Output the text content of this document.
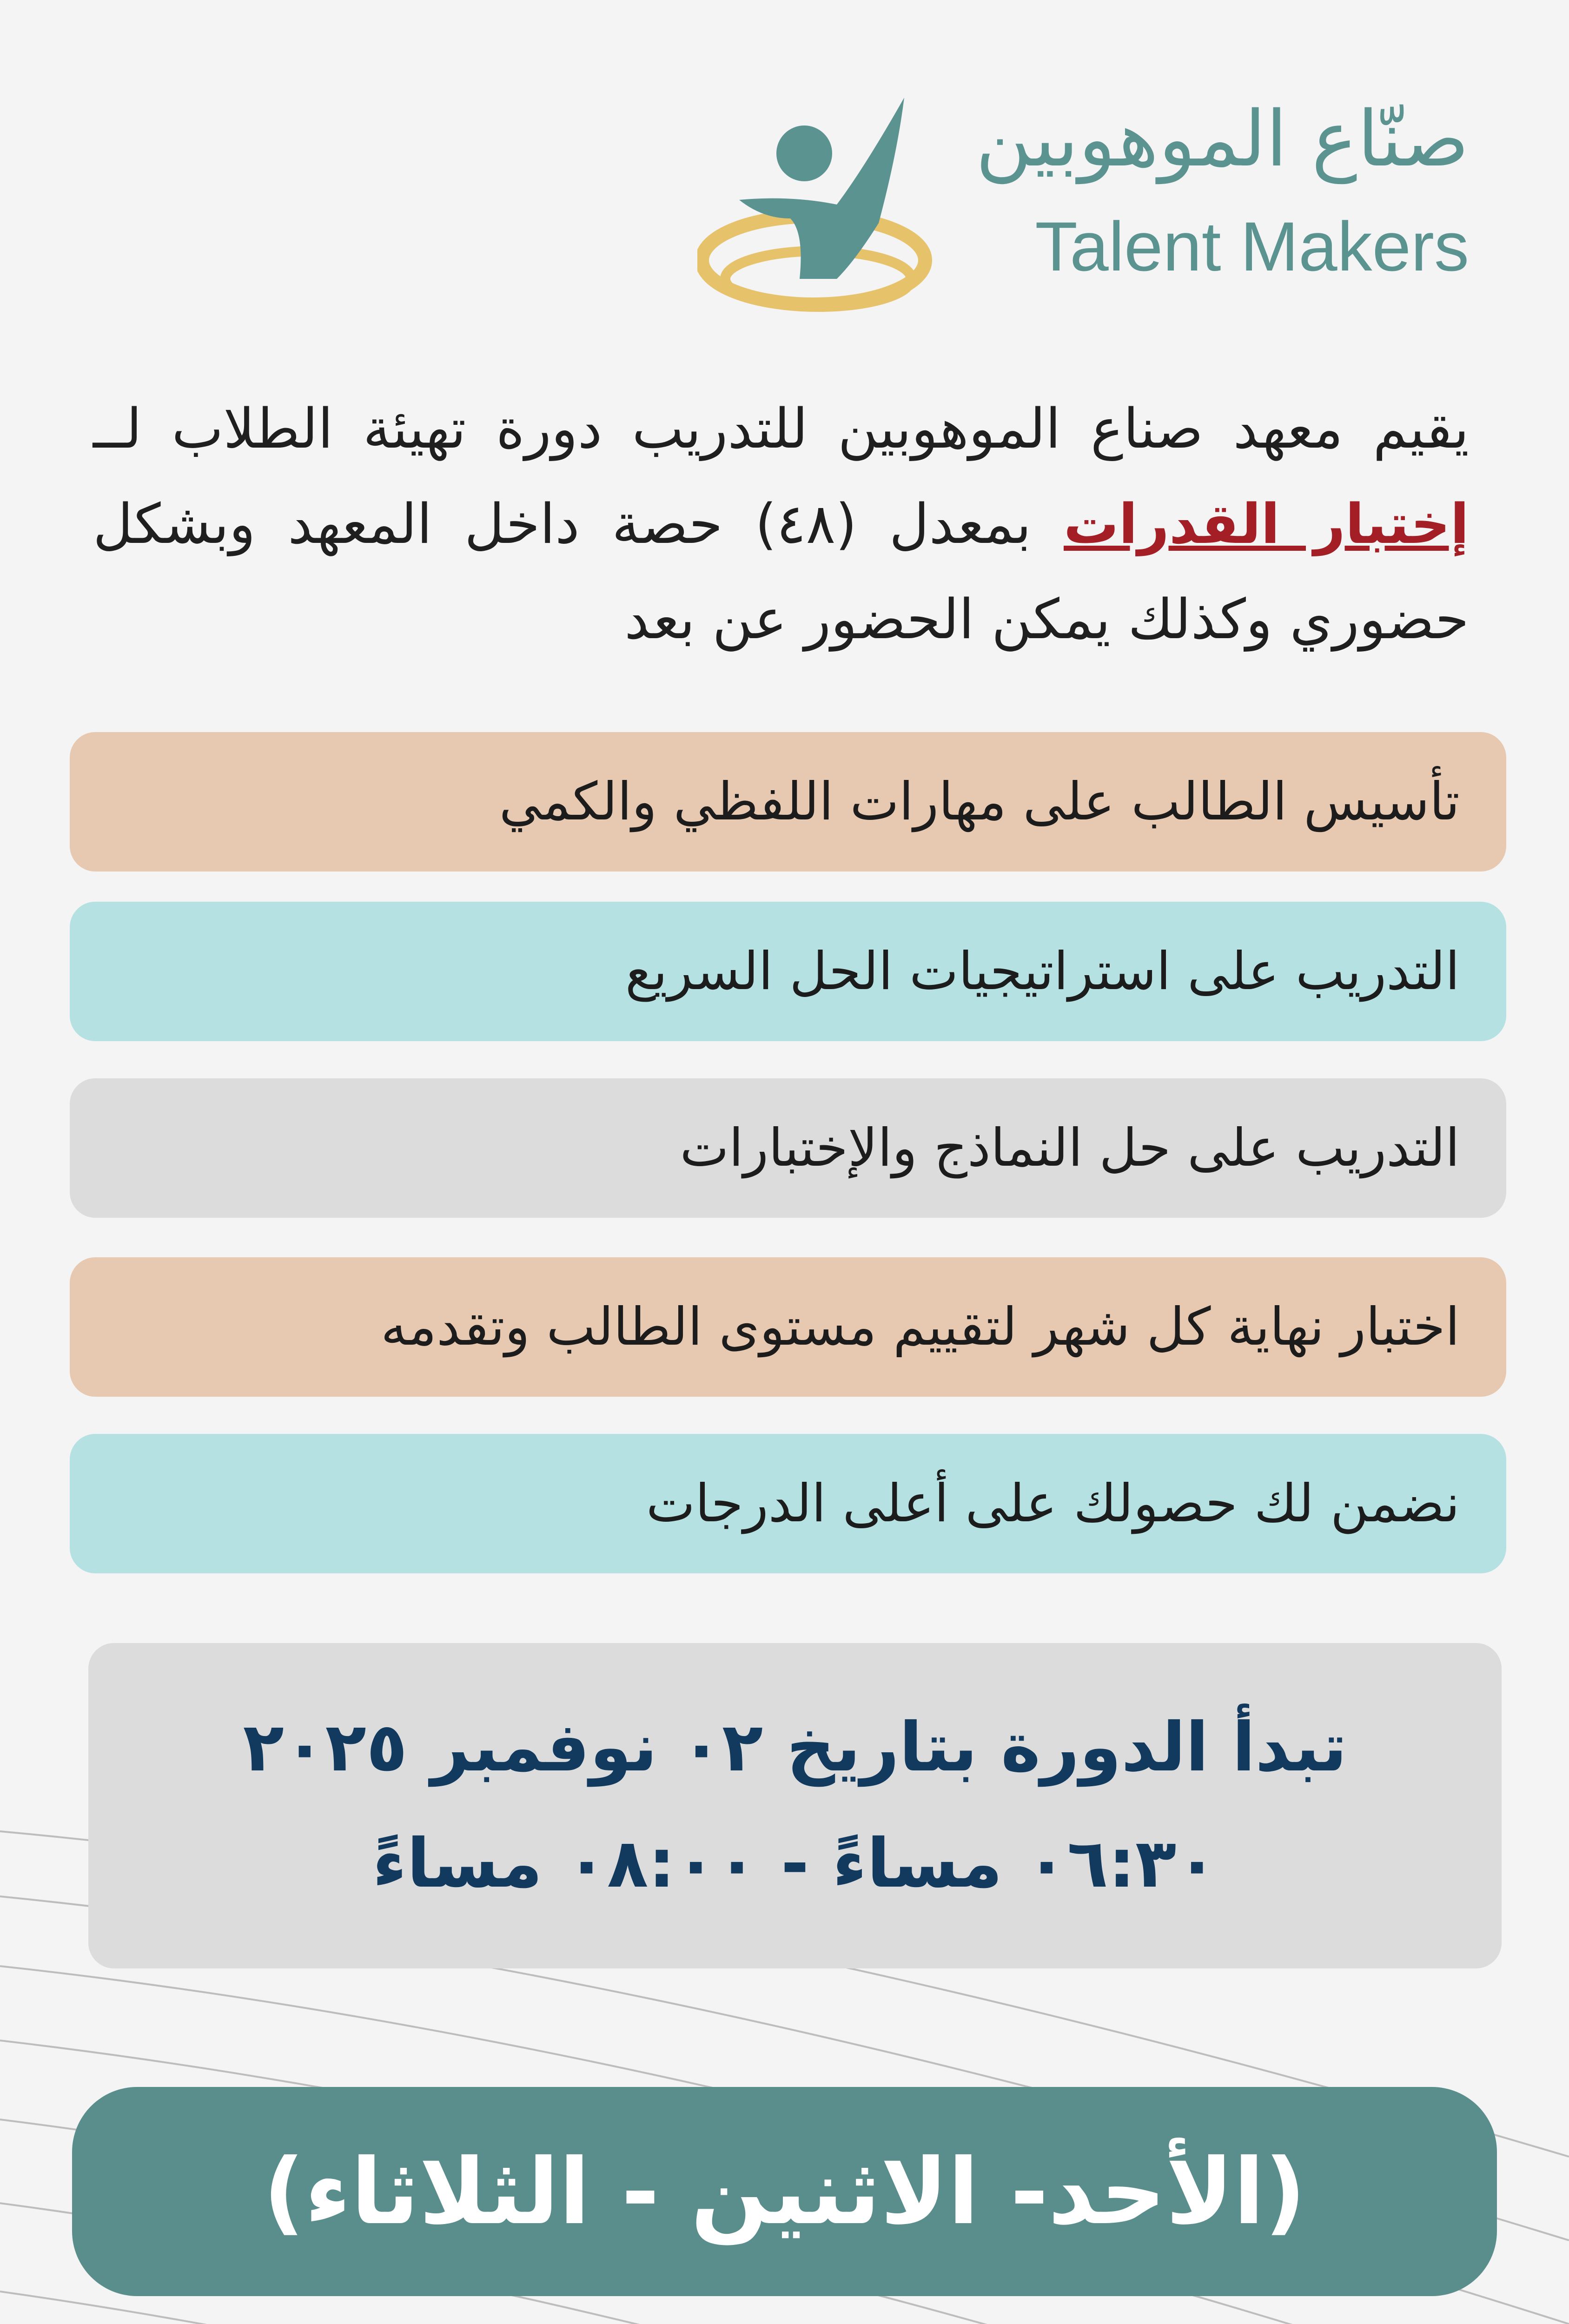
صنّاع الموهوبين
Talent Makers
يقيم معهد صناع الموهوبين للتدريب دورة تهيئة الطلاب لــ إختبار القدرات بمعدل (٤٨) حصة داخل المعهد وبشكل حضوري وكذلك يمكن الحضور عن بعد
تأسيس الطالب على مهارات اللفظي والكمي
التدريب على استراتيجيات الحل السريع
التدريب على حل النماذج والإختبارات
اختبار نهاية كل شهر لتقييم مستوى الطالب وتقدمه
نضمن لك حصولك على أعلى الدرجات
تبدأ الدورة بتاريخ ٠٢ نوفمبر ٢٠٢٥
٠٦:٣٠ مساءً - ٠٨:٠٠ مساءً
(الأحد- الاثنين - الثلاثاء)
